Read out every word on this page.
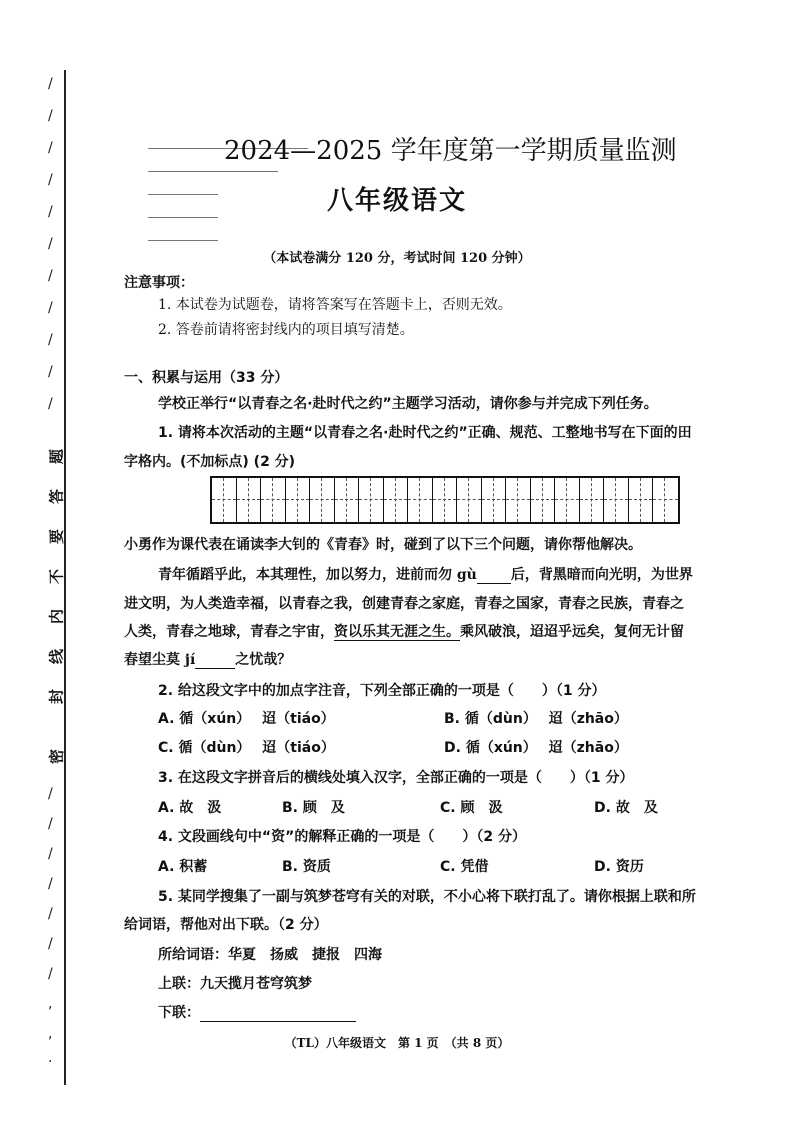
/
/
/
/
/
/
/
/
/
/
/
题
答
要
不
内
线
封
密
/
/
/
/
/
/
/
,
,
.
2024—2025 学年度第一学期质量监测
八年级语文
（本试卷满分 120 分，考试时间 120 分钟）
注意事项：
1. 本试卷为试题卷，请将答案写在答题卡上，否则无效。
2. 答卷前请将密封线内的项目填写清楚。
一、积累与运用（33 分）
学校正举行“以青春之名·赴时代之约”主题学习活动，请你参与并完成下列任务。
1. 请将本次活动的主题“以青春之名·赴时代之约”正确、规范、工整地书写在下面的田
字格内。(不加标点) (2 分)
小勇作为课代表在诵读李大钊的《青春》时，碰到了以下三个问题，请你帮他解决。
青年循蹈乎此，本其理性，加以努力，进前而勿 gù 后，背黑暗而向光明，为世界
进文明，为人类造幸福，以青春之我，创建青春之家庭，青春之国家，青春之民族，青春之
人类，青春之地球，青春之宇宙，资以乐其无涯之生。乘风破浪，迢迢乎远矣，复何无计留
春望尘莫 jí	之忧哉？
2. 给这段文字中的加点字注音，下列全部正确的一项是（　　）（1 分）
A. 循（xún）　 迢（tiáo）	B. 循（dùn）　 迢（zhāo）
C. 循（dùn）　 迢（tiáo）	D. 循（xún）　 迢（zhāo）
3. 在这段文字拼音后的横线处填入汉字，全部正确的一项是（　　）（1 分）
A. 故　汲	B. 顾　及	C. 顾　汲	D. 故　及
4. 文段画线句中“资”的解释正确的一项是（　　）（2 分）
A. 积蓄	B. 资质	C. 凭借	D. 资历
5. 某同学搜集了一副与筑梦苍穹有关的对联，不小心将下联打乱了。请你根据上联和所
给词语，帮他对出下联。（2 分）
所给词语：华夏　扬威　捷报　四海
上联：九天揽月苍穹筑梦
下联：
（TL）八年级语文　第 1 页　（共 8 页）
